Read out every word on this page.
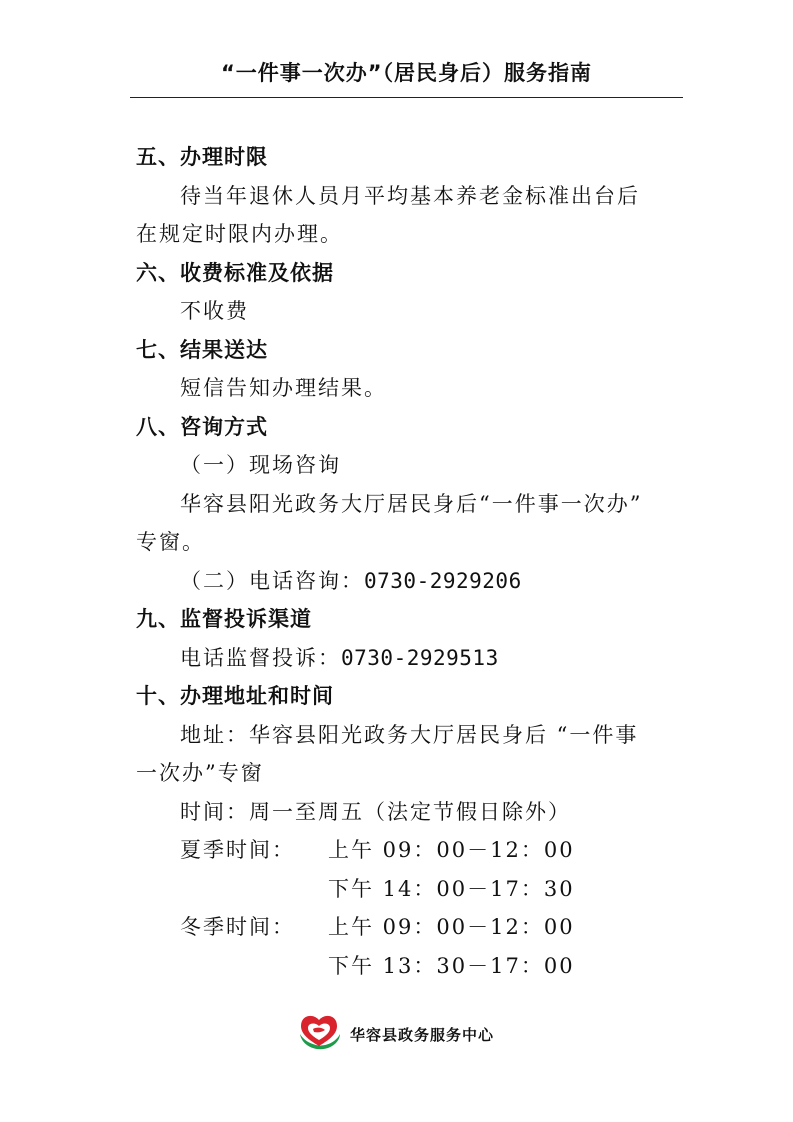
“一件事一次办”（居民身后）服务指南
五、办理时限
待当年退休人员月平均基本养老金标准出台后
在规定时限内办理。
六、收费标准及依据
不收费
七、结果送达
短信告知办理结果。
八、咨询方式
（一）现场咨询
华容县阳光政务大厅居民身后“一件事一次办”
专窗。
（二）电话咨询：0730-2929206
九、监督投诉渠道
电话监督投诉：0730-2929513
十、办理地址和时间
地址：华容县阳光政务大厅居民身后 “一件事
一次办”专窗
时间：周一至周五（法定节假日除外）
夏季时间： 上午 09：00－12：00
下午 14：00－17：30
冬季时间： 上午 09：00－12：00
下午 13：30－17：00
华容县政务服务中心
